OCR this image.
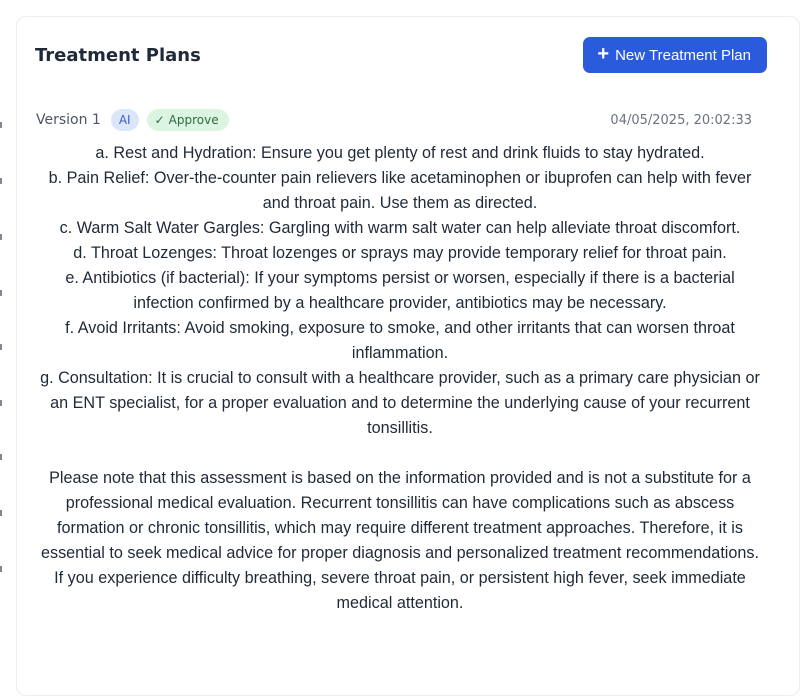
Treatment Plans	+ New Treatment Plan
Version 1	AI	✓ Approve	04/05/2025, 20:02:33

a. Rest and Hydration: Ensure you get plenty of rest and drink fluids to stay hydrated.

b. Pain Relief: Over-the-counter pain relievers like acetaminophen or ibuprofen can help with fever and throat pain. Use them as directed.

c. Warm Salt Water Gargles: Gargling with warm salt water can help alleviate throat discomfort.

d. Throat Lozenges: Throat lozenges or sprays may provide temporary relief for throat pain.

e. Antibiotics (if bacterial): If your symptoms persist or worsen, especially if there is a bacterial infection confirmed by a healthcare provider, antibiotics may be necessary.

f. Avoid Irritants: Avoid smoking, exposure to smoke, and other irritants that can worsen throat inflammation.

g. Consultation: It is crucial to consult with a healthcare provider, such as a primary care physician or an ENT specialist, for a proper evaluation and to determine the underlying cause of your recurrent tonsillitis.

Please note that this assessment is based on the information provided and is not a substitute for a professional medical evaluation. Recurrent tonsillitis can have complications such as abscess formation or chronic tonsillitis, which may require different treatment approaches. Therefore, it is essential to seek medical advice for proper diagnosis and personalized treatment recommendations. If you experience difficulty breathing, severe throat pain, or persistent high fever, seek immediate medical attention.
